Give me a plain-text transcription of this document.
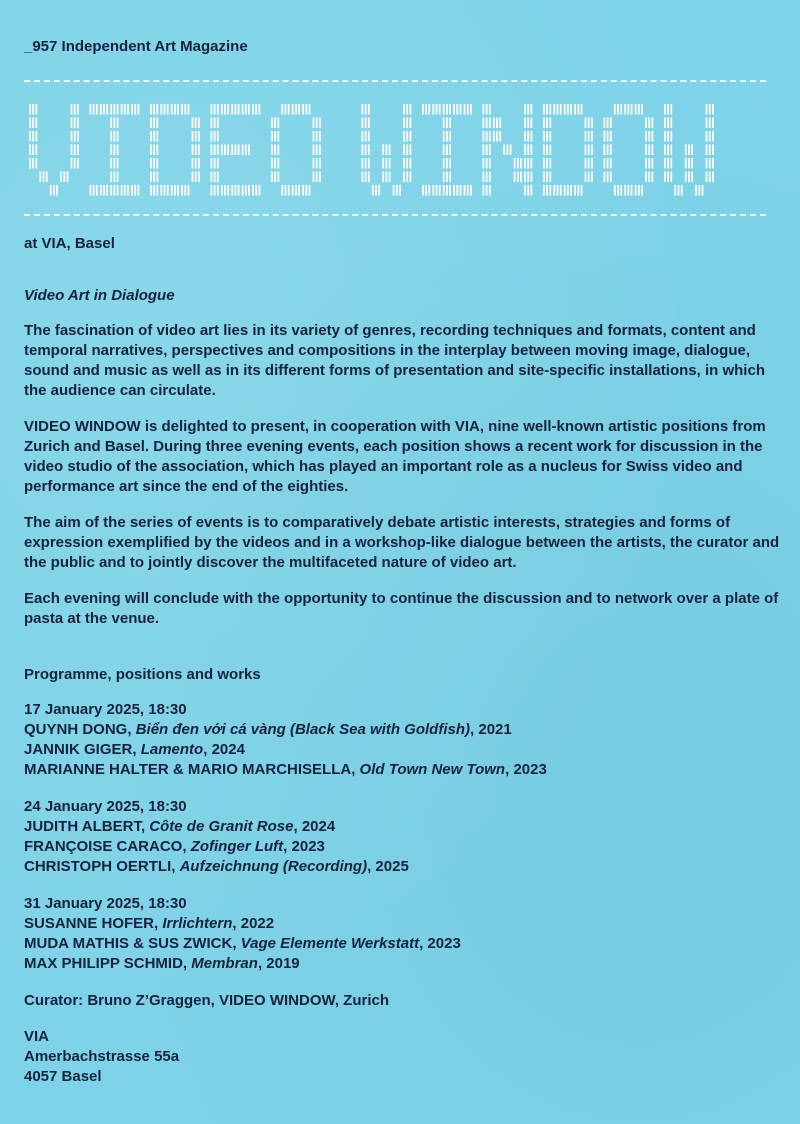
_957 Independent Art Magazine

at VIA, Basel

Video Art in Dialogue

The fascination of video art lies in its variety of genres, recording techniques and formats, content and temporal narratives, perspectives and compositions in the interplay between moving image, dialogue, sound and music as well as in its different forms of presentation and site-specific installations, in which the audience can circulate.

VIDEO WINDOW is delighted to present, in cooperation with VIA, nine well-known artistic positions from Zurich and Basel. During three evening events, each position shows a recent work for discussion in the video studio of the association, which has played an important role as a nucleus for Swiss video and performance art since the end of the eighties.

The aim of the series of events is to comparatively debate artistic interests, strategies and forms of expression exemplified by the videos and in a workshop-like dialogue between the artists, the curator and the public and to jointly discover the multifaceted nature of video art.

Each evening will conclude with the opportunity to continue the discussion and to network over a plate of pasta at the venue.

Programme, positions and works

17 January 2025, 18:30

QUYNH DONG, Biển đen với cá vàng (Black Sea with Goldfish), 2021

JANNIK GIGER, Lamento, 2024

MARIANNE HALTER & MARIO MARCHISELLA, Old Town New Town, 2023

24 January 2025, 18:30

JUDITH ALBERT, Côte de Granit Rose, 2024

FRANÇOISE CARACO, Zofinger Luft, 2023

CHRISTOPH OERTLI, Aufzeichnung (Recording), 2025

31 January 2025, 18:30

SUSANNE HOFER, Irrlichtern, 2022

MUDA MATHIS & SUS ZWICK, Vage Elemente Werkstatt, 2023

MAX PHILIPP SCHMID, Membran, 2019

Curator: Bruno Z’Graggen, VIDEO WINDOW, Zurich

VIA

Amerbachstrasse 55a

4057 Basel
